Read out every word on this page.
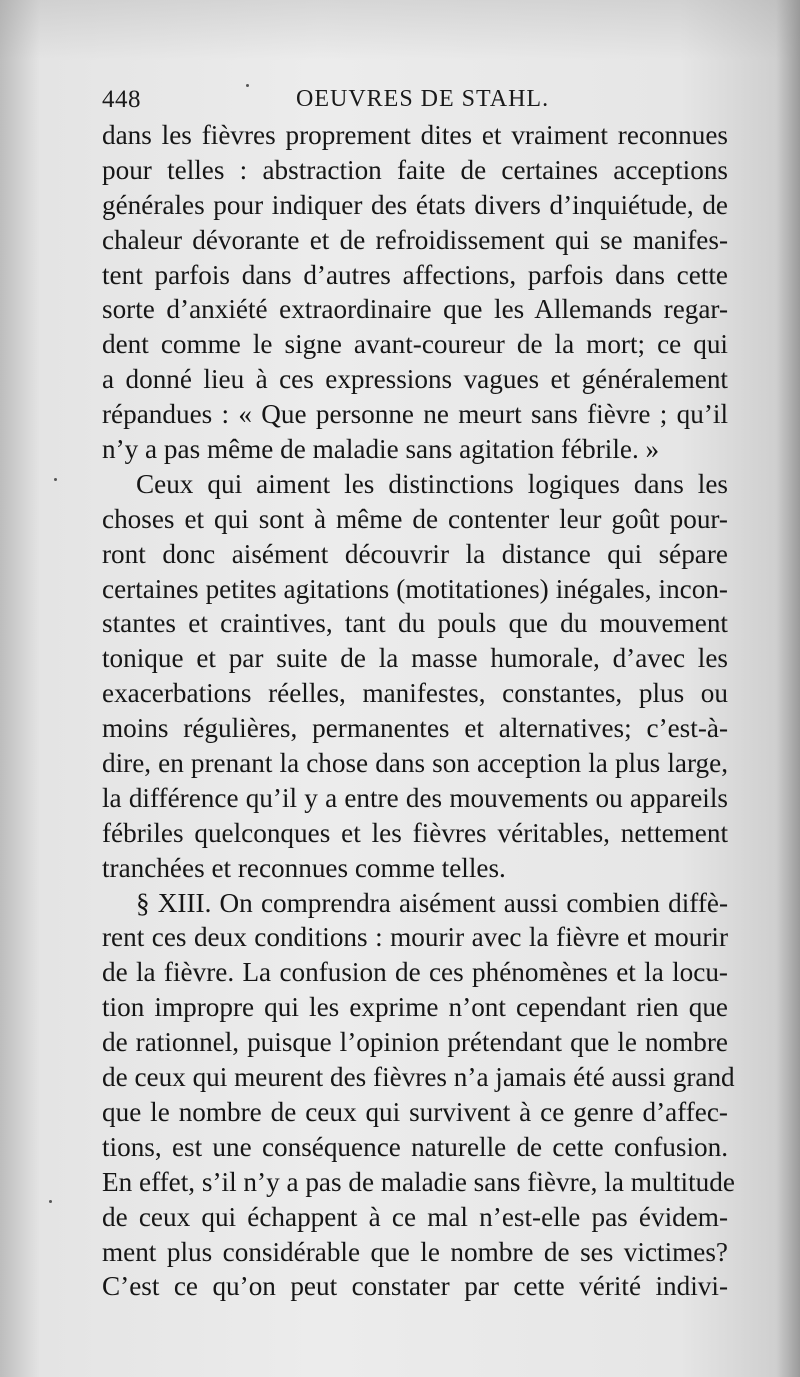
448	OEUVRES DE STAHL.
dans les fièvres proprement dites et vraiment reconnues
pour telles : abstraction faite de certaines acceptions
générales pour indiquer des états divers d’inquiétude, de
chaleur dévorante et de refroidissement qui se manifes-
tent parfois dans d’autres affections, parfois dans cette
sorte d’anxiété extraordinaire que les Allemands regar-
dent comme le signe avant-coureur de la mort; ce qui
a donné lieu à ces expressions vagues et généralement
répandues : « Que personne ne meurt sans fièvre ; qu’il
n’y a pas même de maladie sans agitation fébrile. »
Ceux qui aiment les distinctions logiques dans les
choses et qui sont à même de contenter leur goût pour-
ront donc aisément découvrir la distance qui sépare
certaines petites agitations (motitationes) inégales, incon-
stantes et craintives, tant du pouls que du mouvement
tonique et par suite de la masse humorale, d’avec les
exacerbations réelles, manifestes, constantes, plus ou
moins régulières, permanentes et alternatives; c’est-à-
dire, en prenant la chose dans son acception la plus large,
la différence qu’il y a entre des mouvements ou appareils
fébriles quelconques et les fièvres véritables, nettement
tranchées et reconnues comme telles.
§ XIII. On comprendra aisément aussi combien diffè-
rent ces deux conditions : mourir avec la fièvre et mourir
de la fièvre. La confusion de ces phénomènes et la locu-
tion impropre qui les exprime n’ont cependant rien que
de rationnel, puisque l’opinion prétendant que le nombre
de ceux qui meurent des fièvres n’a jamais été aussi grand
que le nombre de ceux qui survivent à ce genre d’affec-
tions, est une conséquence naturelle de cette confusion.
En effet, s’il n’y a pas de maladie sans fièvre, la multitude
de ceux qui échappent à ce mal n’est-elle pas évidem-
ment plus considérable que le nombre de ses victimes?
C’est ce qu’on peut constater par cette vérité indivi-
